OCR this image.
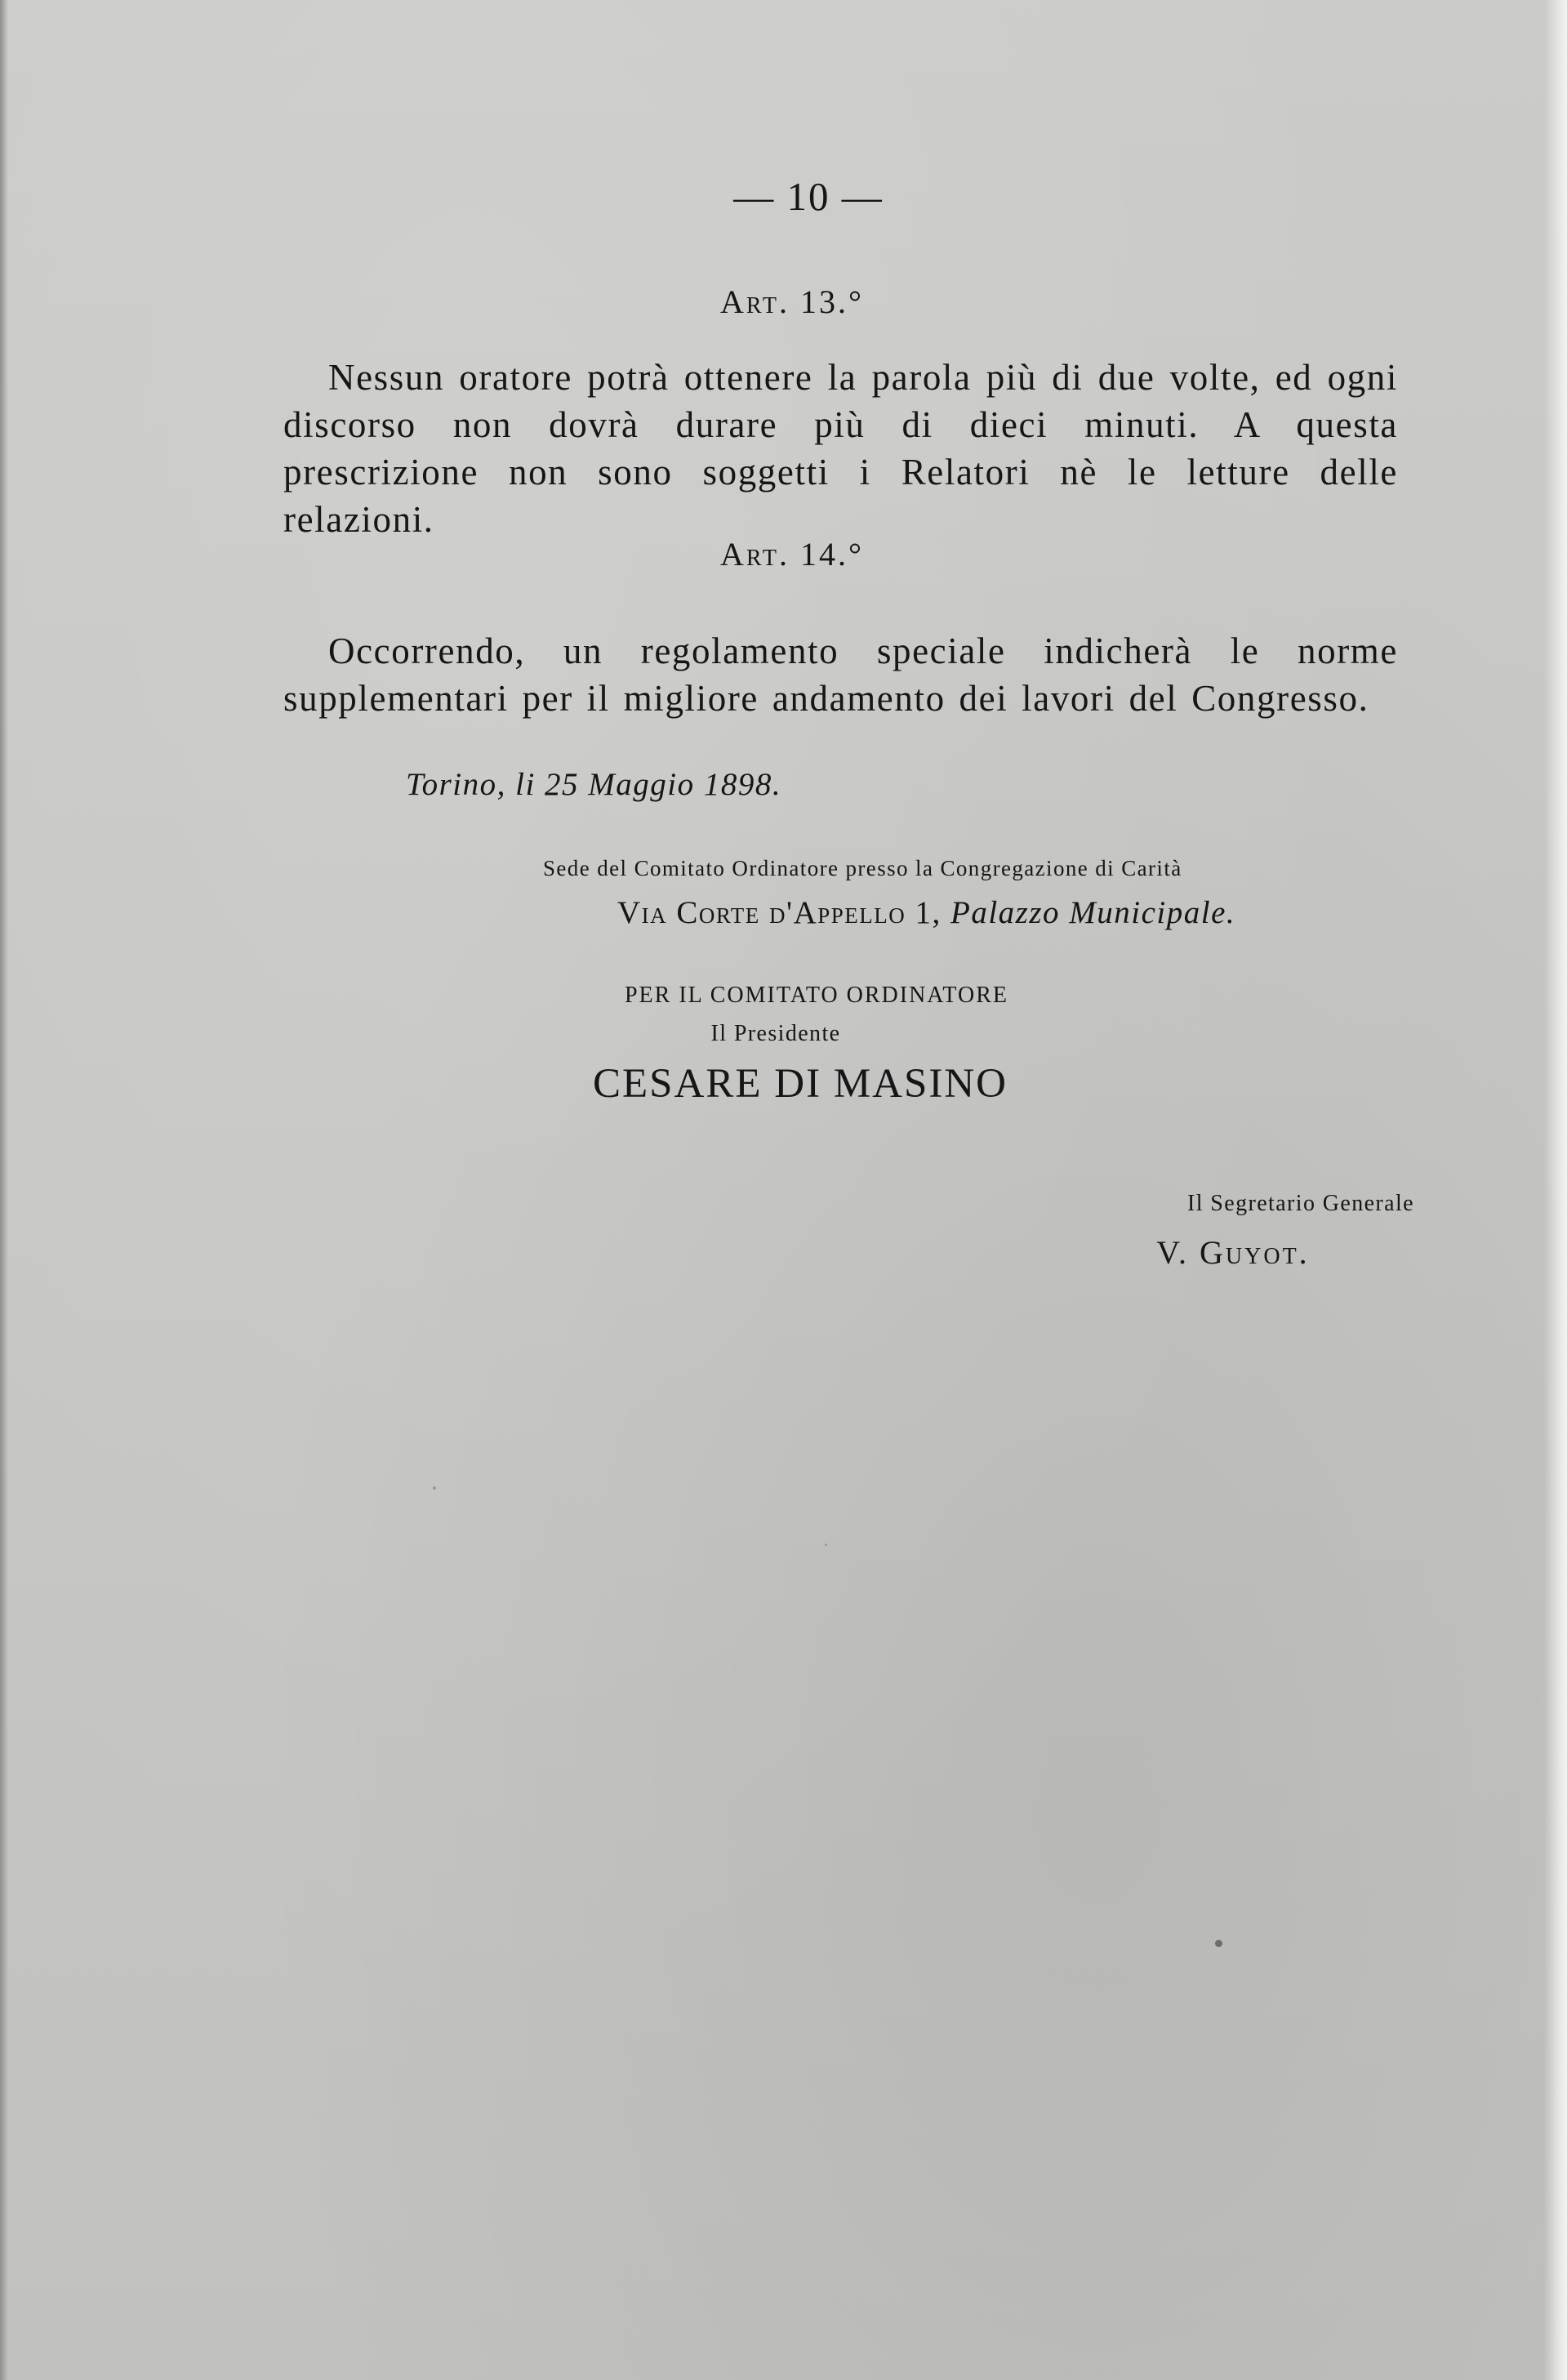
— 10 —
Art. 13.°
Nessun oratore potrà ottenere la parola più di due volte, ed ogni discorso non dovrà durare più di dieci minuti. A questa prescrizione non sono soggetti i Relatori nè le letture delle relazioni.
Art. 14.°
Occorrendo, un regolamento speciale indicherà le norme supplementari per il migliore andamento dei lavori del Congresso.
Torino, li 25 Maggio 1898.
Sede del Comitato Ordinatore presso la Congregazione di Carità
Via Corte d'Appello 1, Palazzo Municipale.
PER IL COMITATO ORDINATORE
Il Presidente
CESARE DI MASINO
Il Segretario Generale
V. Guyot.
